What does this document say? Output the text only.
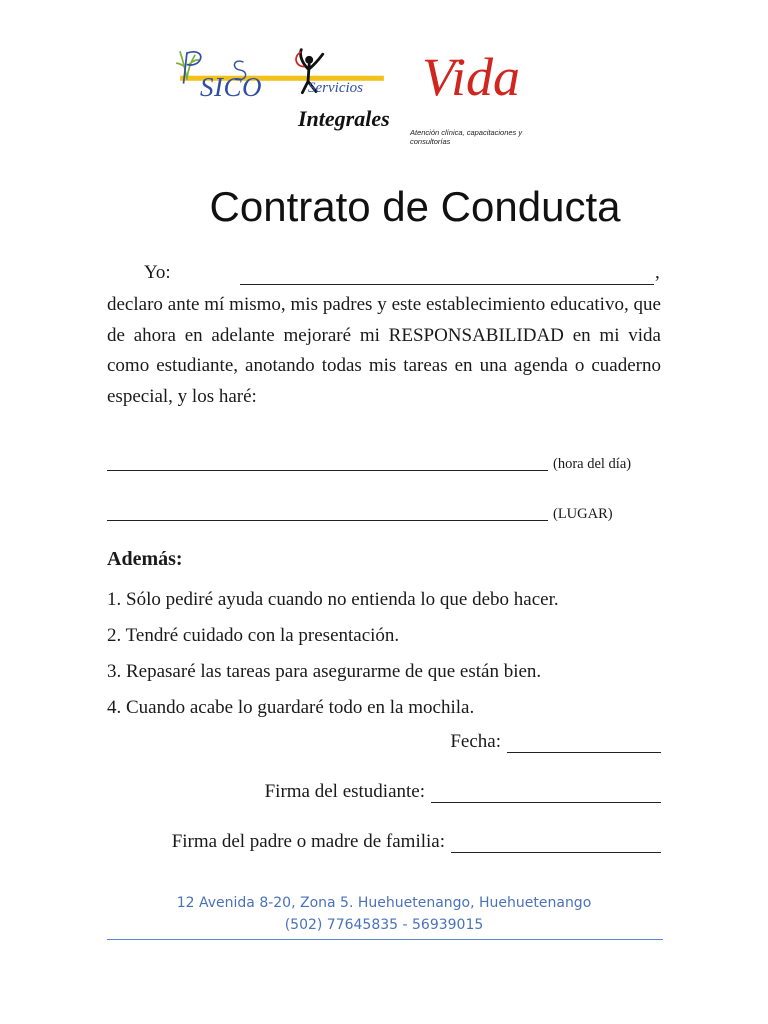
SICO	Servicios
Integrales
Vida
Atención clínica, capacitaciones y consultorías
Contrato de Conducta
Yo:	,
declaro ante mí mismo, mis padres y este establecimiento educativo, que de ahora en adelante mejoraré mi RESPONSABILIDAD en mi vida como estudiante, anotando todas mis tareas en una agenda o cuaderno especial, y los haré:
(hora del día)
(LUGAR)
Además:
1. Sólo pediré ayuda cuando no entienda lo que debo hacer.
2. Tendré cuidado con la presentación.
3. Repasaré las tareas para asegurarme de que están bien.
4. Cuando acabe lo guardaré todo en la mochila.
Fecha:
Firma del estudiante:
Firma del padre o madre de familia:
12 Avenida 8-20, Zona 5. Huehuetenango, Huehuetenango
(502) 77645835 - 56939015
